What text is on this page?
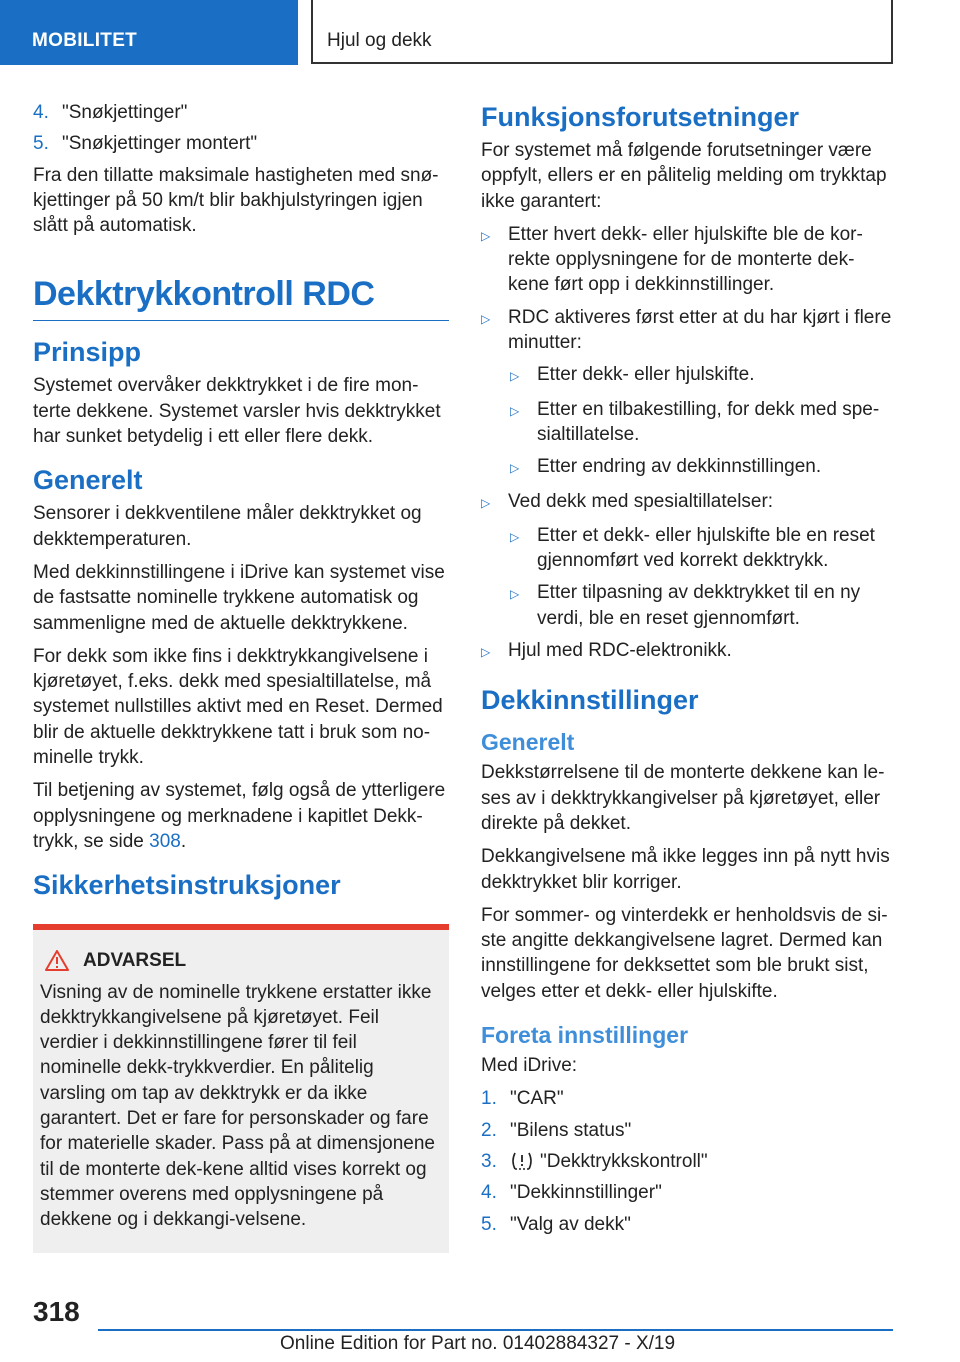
MOBILITET	Hjul og dekk
4. "Snøkjettinger"
5. "Snøkjettinger montert"

Fra den tillatte maksimale hastigheten med snø-kjettinger på 50 km/t blir bakhjulstyringen igjen slått på automatisk.

Dekktrykkontroll RDC
Prinsipp

Systemet overvåker dekktrykket i de fire mon-terte dekkene. Systemet varsler hvis dekktrykket har sunket betydelig i ett eller flere dekk.

Generelt

Sensorer i dekkventilene måler dekktrykket og dekktemperaturen.

Med dekkinnstillingene i iDrive kan systemet vise de fastsatte nominelle trykkene automatisk og sammenligne med de aktuelle dekktrykkene.

For dekk som ikke fins i dekktrykkangivelsene i kjøretøyet, f.eks. dekk med spesialtillatelse, må systemet nullstilles aktivt med en Reset. Dermed blir de aktuelle dekktrykkene tatt i bruk som no-minelle trykk.

Til betjening av systemet, følg også de ytterligere opplysningene og merknadene i kapitlet Dekk-trykk, se side 308.

Sikkerhetsinstruksjoner
ADVARSEL
Visning av de nominelle trykkene erstatter ikke dekktrykkangivelsene på kjøretøyet. Feil verdier i dekkinnstillingene fører til feil nominelle dekk-trykkverdier. En pålitelig varsling om tap av dekktrykk er da ikke garantert. Det er fare for personskader og fare for materielle skader. Pass på at dimensjonene til de monterte dek-kene alltid vises korrekt og stemmer overens med opplysningene på dekkene og i dekkangi-velsene.
Funksjonsforutsetninger

For systemet må følgende forutsetninger være oppfylt, ellers er en pålitelig melding om trykktap ikke garantert:

▷ Etter hvert dekk- eller hjulskifte ble de kor-rekte opplysningene for de monterte dek-kene ført opp i dekkinnstillinger.
▷ RDC aktiveres først etter at du har kjørt i flere minutter:
▷ Etter dekk- eller hjulskifte.
▷ Etter en tilbakestilling, for dekk med spe-sialtillatelse.
▷ Etter endring av dekkinnstillingen.
▷ Ved dekk med spesialtillatelser:
▷ Etter et dekk- eller hjulskifte ble en reset gjennomført ved korrekt dekktrykk.
▷ Etter tilpasning av dekktrykket til en ny verdi, ble en reset gjennomført.
▷ Hjul med RDC-elektronikk.
Dekkinnstillinger
Generelt

Dekkstørrelsene til de monterte dekkene kan le-ses av i dekktrykkangivelser på kjøretøyet, eller direkte på dekket.

Dekkangivelsene må ikke legges inn på nytt hvis dekktrykket blir korriger.

For sommer- og vinterdekk er henholdsvis de si-ste angitte dekkangivelsene lagret. Dermed kan innstillingene for dekksettet som ble brukt sist, velges etter et dekk- eller hjulskifte.

Foreta innstillinger

Med iDrive:

1. "CAR"
2. "Bilens status"
3.	"Dekktrykkskontroll"
4. "Dekkinnstillinger"
5. "Valg av dekk"
318
Online Edition for Part no. 01402884327 - X/19
